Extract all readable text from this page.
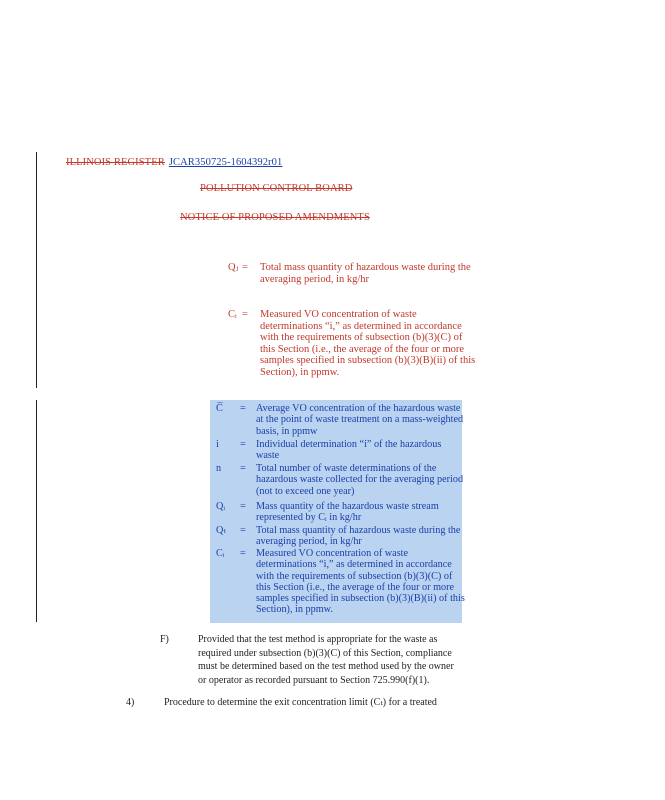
ILLINOIS REGISTER JCAR350725-1604392r01
POLLUTION CONTROL BOARD
NOTICE OF PROPOSED AMENDMENTS
Qⱼ = Total mass quantity of hazardous waste during the averaging period, in kg/hr
Cᵢ = Measured VO concentration of waste determinations “i,” as determined in accordance with the requirements of subsection (b)(3)(C) of this Section (i.e., the average of the four or more samples specified in subsection (b)(3)(B)(ii) of this Section), in ppmw.
C̅	= Average VO concentration of the hazardous waste at the point of waste treatment on a mass-weighted basis, in ppmw
i	= Individual determination “i” of the hazardous waste
n	= Total number of waste determinations of the hazardous waste collected for the averaging period (not to exceed one year)
Qᵢ	= Mass quantity of the hazardous waste stream represented by Cᵢ in kg/hr
Qₜ	= Total mass quantity of hazardous waste during the averaging period, in kg/hr
Cᵢ	= Measured VO concentration of waste determinations “i,” as determined in accordance with the requirements of subsection (b)(3)(C) of this Section (i.e., the average of the four or more samples specified in subsection (b)(3)(B)(ii) of this Section), in ppmw.
F)	Provided that the test method is appropriate for the waste as required under subsection (b)(3)(C) of this Section, compliance must be determined based on the test method used by the owner or operator as recorded pursuant to Section 725.990(f)(1).
4)	Procedure to determine the exit concentration limit (Cₜ) for a treated
